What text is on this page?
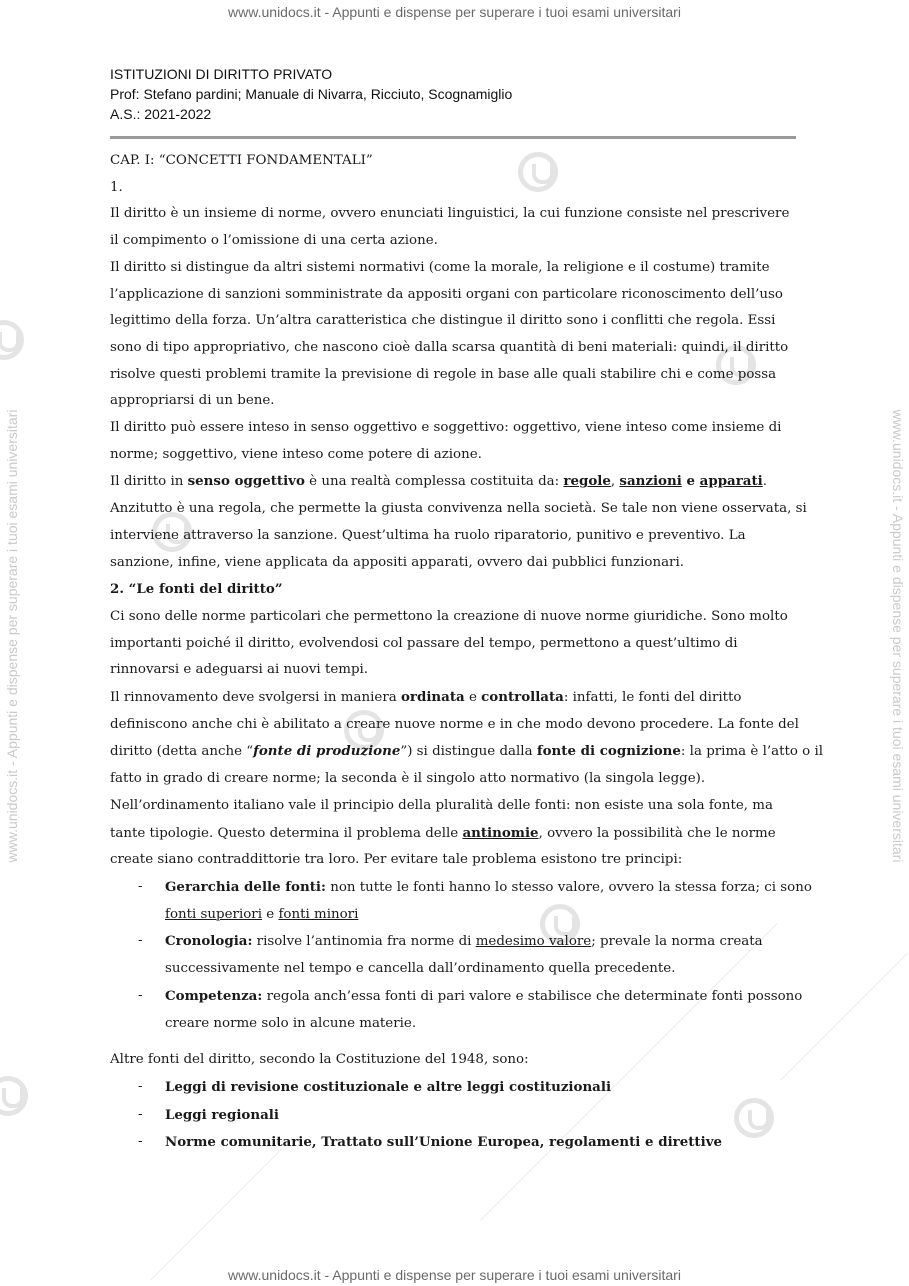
www.unidocs.it - Appunti e dispense per superare i tuoi esami universitari
www.unidocs.it - Appunti e dispense per superare i tuoi esami universitari
www.unidocs.it - Appunti e dispense per superare i tuoi esami universitari	www.unidocs.it - Appunti e dispense per superare i tuoi esami universitari
ISTITUZIONI DI DIRITTO PRIVATO
Prof: Stefano pardini; Manuale di Nivarra, Ricciuto, Scognamiglio
A.S.: 2021-2022

CAP. I: “CONCETTI FONDAMENTALI”

1.

Il diritto è un insieme di norme, ovvero enunciati linguistici, la cui funzione consiste nel prescrivere

il compimento o l’omissione di una certa azione.

Il diritto si distingue da altri sistemi normativi (come la morale, la religione e il costume) tramite

l’applicazione di sanzioni somministrate da appositi organi con particolare riconoscimento dell’uso

legittimo della forza. Un’altra caratteristica che distingue il diritto sono i conflitti che regola. Essi

sono di tipo appropriativo, che nascono cioè dalla scarsa quantità di beni materiali: quindi, il diritto

risolve questi problemi tramite la previsione di regole in base alle quali stabilire chi e come possa

appropriarsi di un bene.

Il diritto può essere inteso in senso oggettivo e soggettivo: oggettivo, viene inteso come insieme di

norme; soggettivo, viene inteso come potere di azione.

Il diritto in senso oggettivo è una realtà complessa costituita da: regole, sanzioni e apparati.

Anzitutto è una regola, che permette la giusta convivenza nella società. Se tale non viene osservata, si

interviene attraverso la sanzione. Quest’ultima ha ruolo riparatorio, punitivo e preventivo. La

sanzione, infine, viene applicata da appositi apparati, ovvero dai pubblici funzionari.

2. “Le fonti del diritto”

Ci sono delle norme particolari che permettono la creazione di nuove norme giuridiche. Sono molto

importanti poiché il diritto, evolvendosi col passare del tempo, permettono a quest’ultimo di

rinnovarsi e adeguarsi ai nuovi tempi.

Il rinnovamento deve svolgersi in maniera ordinata e controllata: infatti, le fonti del diritto

definiscono anche chi è abilitato a creare nuove norme e in che modo devono procedere. La fonte del

diritto (detta anche “fonte di produzione”) si distingue dalla fonte di cognizione: la prima è l’atto o il

fatto in grado di creare norme; la seconda è il singolo atto normativo (la singola legge).

Nell’ordinamento italiano vale il principio della pluralità delle fonti: non esiste una sola fonte, ma

tante tipologie. Questo determina il problema delle antinomie, ovvero la possibilità che le norme

create siano contraddittorie tra loro. Per evitare tale problema esistono tre principi:

- Gerarchia delle fonti: non tutte le fonti hanno lo stesso valore, ovvero la stessa forza; ci sono

fonti superiori e fonti minori

- Cronologia: risolve l’antinomia fra norme di medesimo valore; prevale la norma creata

successivamente nel tempo e cancella dall’ordinamento quella precedente.

- Competenza: regola anch’essa fonti di pari valore e stabilisce che determinate fonti possono

creare norme solo in alcune materie.

Altre fonti del diritto, secondo la Costituzione del 1948, sono:

- Leggi di revisione costituzionale e altre leggi costituzionali

- Leggi regionali

- Norme comunitarie, Trattato sull’Unione Europea, regolamenti e direttive
